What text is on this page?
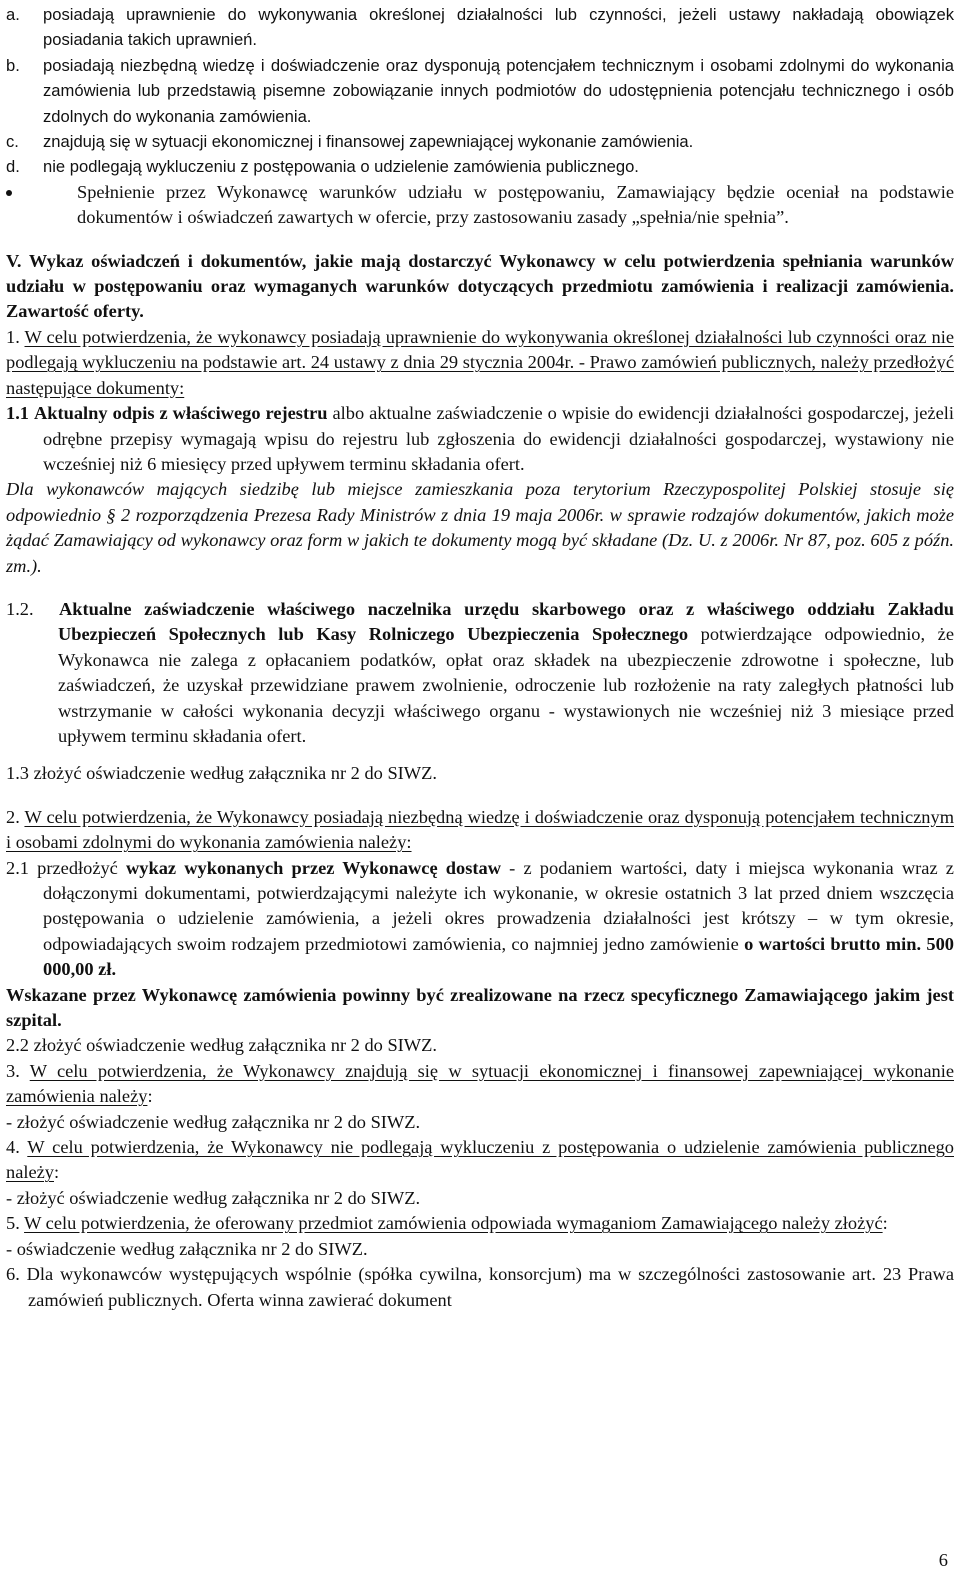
a. posiadają uprawnienie do wykonywania określonej działalności lub czynności, jeżeli ustawy nakładają obowiązek posiadania takich uprawnień.
b. posiadają niezbędną wiedzę i doświadczenie oraz dysponują potencjałem technicznym i osobami zdolnymi do wykonania zamówienia lub przedstawią pisemne zobowiązanie innych podmiotów do udostępnienia potencjału technicznego i osób zdolnych do wykonania zamówienia.
c. znajdują się w sytuacji ekonomicznej i finansowej zapewniającej wykonanie zamówienia.
d. nie podlegają wykluczeniu z postępowania o udzielenie zamówienia publicznego.
Spełnienie przez Wykonawcę warunków udziału w postępowaniu, Zamawiający będzie oceniał na podstawie dokumentów i oświadczeń zawartych w ofercie, przy zastosowaniu zasady „spełnia/nie spełnia”.
V. Wykaz oświadczeń i dokumentów, jakie mają dostarczyć Wykonawcy w celu potwierdzenia spełniania warunków udziału w postępowaniu oraz wymaganych warunków dotyczących przedmiotu zamówienia i realizacji zamówienia. Zawartość oferty.
1. W celu potwierdzenia, że wykonawcy posiadają uprawnienie do wykonywania określonej działalności lub czynności oraz nie podlegają wykluczeniu na podstawie art. 24 ustawy z dnia 29 stycznia 2004r. - Prawo zamówień publicznych, należy przedłożyć następujące dokumenty:
1.1 Aktualny odpis z właściwego rejestru albo aktualne zaświadczenie o wpisie do ewidencji działalności gospodarczej, jeżeli odrębne przepisy wymagają wpisu do rejestru lub zgłoszenia do ewidencji działalności gospodarczej, wystawiony nie wcześniej niż 6 miesięcy przed upływem terminu składania ofert.
Dla wykonawców mających siedzibę lub miejsce zamieszkania poza terytorium Rzeczypospolitej Polskiej stosuje się odpowiednio § 2 rozporządzenia Prezesa Rady Ministrów z dnia 19 maja 2006r. w sprawie rodzajów dokumentów, jakich może żądać Zamawiający od wykonawcy oraz form w jakich te dokumenty mogą być składane (Dz. U. z 2006r. Nr 87, poz. 605 z późn. zm.).
1.2. Aktualne zaświadczenie właściwego naczelnika urzędu skarbowego oraz z właściwego oddziału Zakładu Ubezpieczeń Społecznych lub Kasy Rolniczego Ubezpieczenia Społecznego potwierdzające odpowiednio, że Wykonawca nie zalega z opłacaniem podatków, opłat oraz składek na ubezpieczenie zdrowotne i społeczne, lub zaświadczeń, że uzyskał przewidziane prawem zwolnienie, odroczenie lub rozłożenie na raty zaległych płatności lub wstrzymanie w całości wykonania decyzji właściwego organu - wystawionych nie wcześniej niż 3 miesiące przed upływem terminu składania ofert.
1.3 złożyć oświadczenie według załącznika nr 2 do SIWZ.
2. W celu potwierdzenia, że Wykonawcy posiadają niezbędną wiedzę i doświadczenie oraz dysponują potencjałem technicznym i osobami zdolnymi do wykonania zamówienia należy:
2.1 przedłożyć wykaz wykonanych przez Wykonawcę dostaw - z podaniem wartości, daty i miejsca wykonania wraz z dołączonymi dokumentami, potwierdzającymi należyte ich wykonanie, w okresie ostatnich 3 lat przed dniem wszczęcia postępowania o udzielenie zamówienia, a jeżeli okres prowadzenia działalności jest krótszy – w tym okresie, odpowiadających swoim rodzajem przedmiotowi zamówienia, co najmniej jedno zamówienie o wartości brutto min. 500 000,00 zł.
Wskazane przez Wykonawcę zamówienia powinny być zrealizowane na rzecz specyficznego Zamawiającego jakim jest szpital.
2.2 złożyć oświadczenie według załącznika nr 2 do SIWZ.
3. W celu potwierdzenia, że Wykonawcy znajdują się w sytuacji ekonomicznej i finansowej zapewniającej wykonanie zamówienia należy:
- złożyć oświadczenie według załącznika nr 2 do SIWZ.
4. W celu potwierdzenia, że Wykonawcy nie podlegają wykluczeniu z postępowania o udzielenie zamówienia publicznego należy:
- złożyć oświadczenie według załącznika nr 2 do SIWZ.
5. W celu potwierdzenia, że oferowany przedmiot zamówienia odpowiada wymaganiom Zamawiającego należy złożyć:
- oświadczenie według załącznika nr 2 do SIWZ.
6. Dla wykonawców występujących wspólnie (spółka cywilna, konsorcjum) ma w szczególności zastosowanie art. 23 Prawa zamówień publicznych. Oferta winna zawierać dokument
6
